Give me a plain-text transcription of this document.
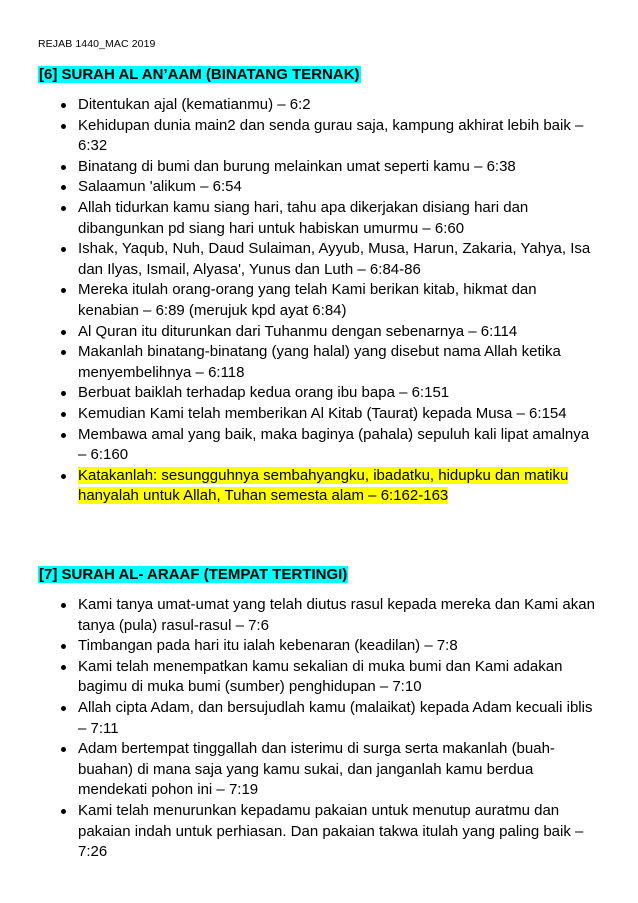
REJAB 1440_MAC 2019
[6] SURAH AL AN’AAM (BINATANG TERNAK)
Ditentukan ajal (kematianmu) – 6:2
Kehidupan dunia main2 dan senda gurau saja, kampung akhirat lebih baik – 6:32
Binatang di bumi dan burung melainkan umat seperti kamu – 6:38
Salaamun 'alikum – 6:54
Allah tidurkan kamu siang hari, tahu apa dikerjakan disiang hari dan dibangunkan pd siang hari untuk habiskan umurmu – 6:60
Ishak, Yaqub, Nuh, Daud Sulaiman, Ayyub, Musa, Harun, Zakaria, Yahya, Isa dan Ilyas, Ismail, Alyasa', Yunus dan Luth – 6:84-86
Mereka itulah orang-orang yang telah Kami berikan kitab, hikmat dan kenabian – 6:89 (merujuk kpd ayat 6:84)
Al Quran itu diturunkan dari Tuhanmu dengan sebenarnya – 6:114
Makanlah binatang-binatang (yang halal) yang disebut nama Allah ketika menyembelihnya – 6:118
Berbuat baiklah terhadap kedua orang ibu bapa – 6:151
Kemudian Kami telah memberikan Al Kitab (Taurat) kepada Musa – 6:154
Membawa amal yang baik, maka baginya (pahala) sepuluh kali lipat amalnya – 6:160
Katakanlah: sesungguhnya sembahyangku, ibadatku, hidupku dan matiku hanyalah untuk Allah, Tuhan semesta alam – 6:162-163
[7] SURAH AL- ARAAF (TEMPAT TERTINGI)
Kami tanya umat-umat yang telah diutus rasul kepada mereka dan Kami akan tanya (pula) rasul-rasul – 7:6
Timbangan pada hari itu ialah kebenaran (keadilan) – 7:8
Kami telah menempatkan kamu sekalian di muka bumi dan Kami adakan bagimu di muka bumi (sumber) penghidupan – 7:10
Allah cipta Adam, dan bersujudlah kamu (malaikat) kepada Adam kecuali iblis – 7:11
Adam bertempat tinggallah dan isterimu di surga serta makanlah (buah-buahan) di mana saja yang kamu sukai, dan janganlah kamu berdua mendekati pohon ini – 7:19
Kami telah menurunkan kepadamu pakaian untuk menutup auratmu dan pakaian indah untuk perhiasan. Dan pakaian takwa itulah yang paling baik – 7:26
